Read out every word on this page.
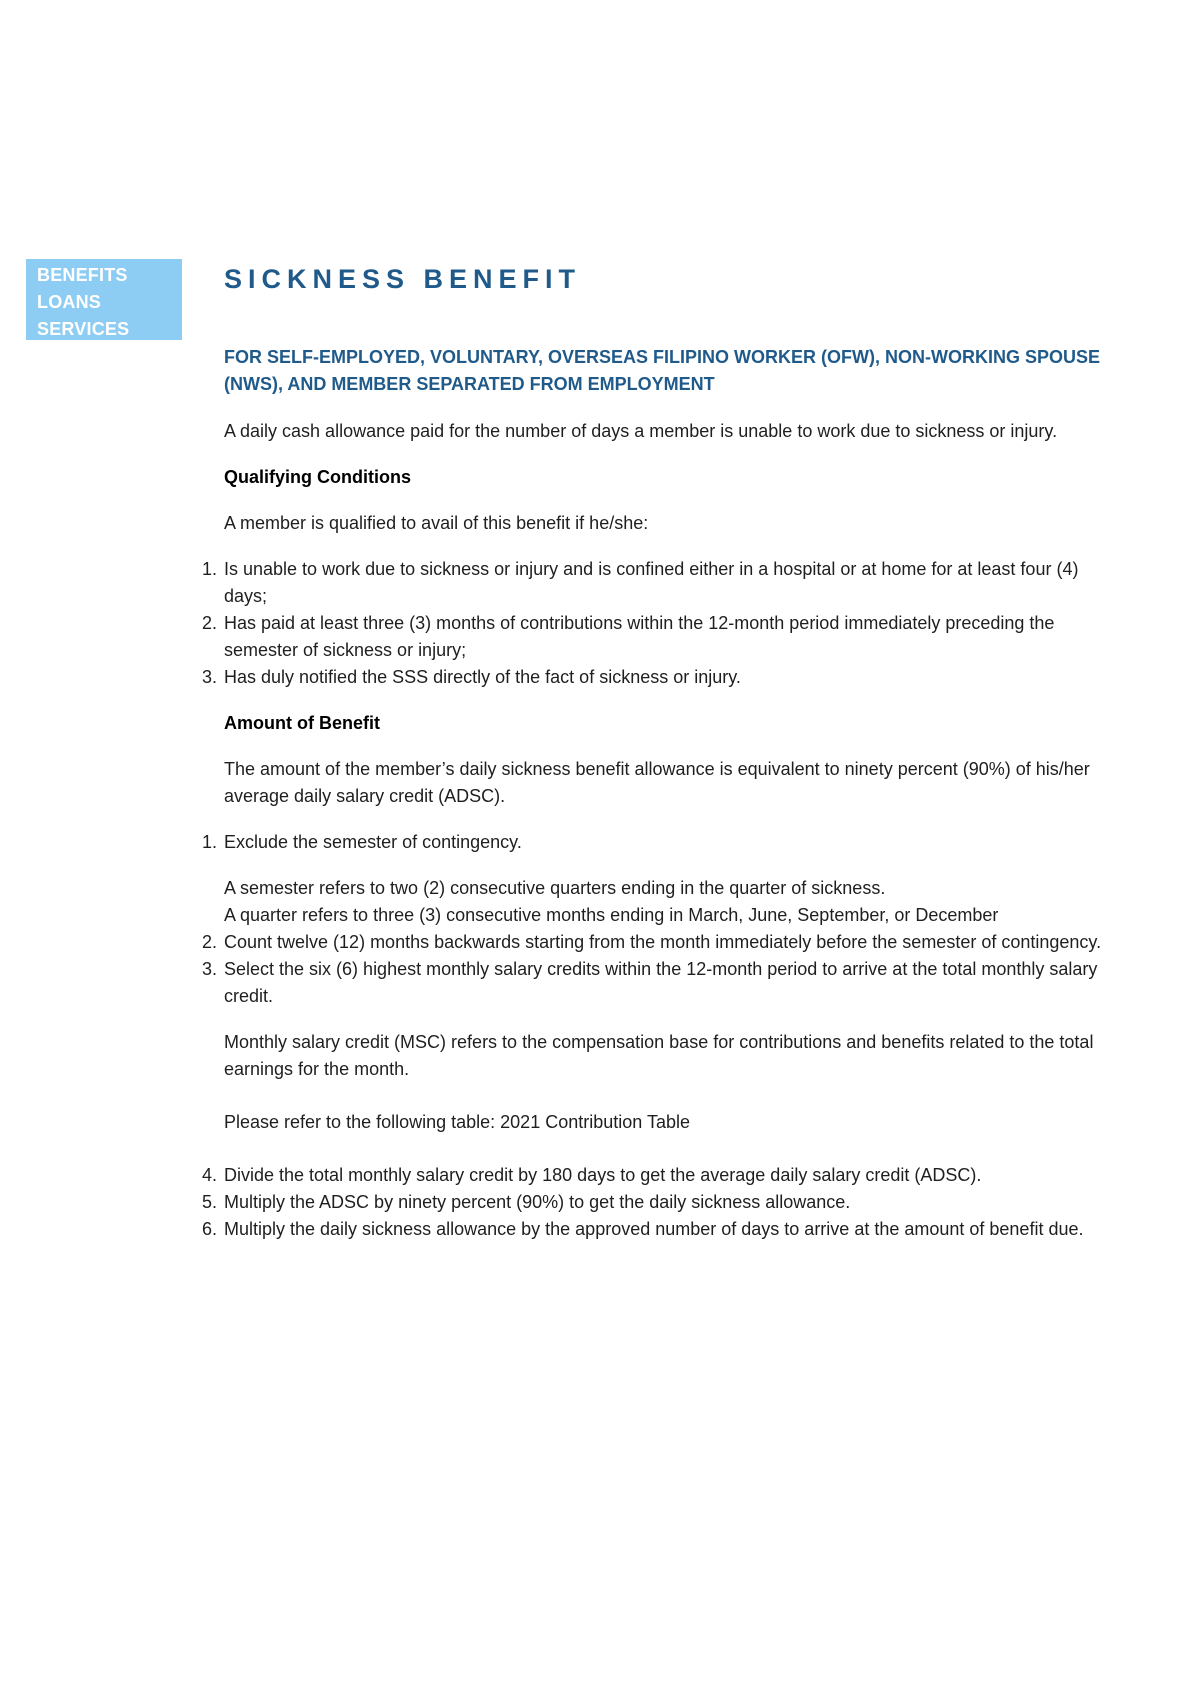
BENEFITS
LOANS
SERVICES
SICKNESS BENEFIT

FOR SELF-EMPLOYED, VOLUNTARY, OVERSEAS FILIPINO WORKER (OFW), NON-WORKING SPOUSE (NWS), AND MEMBER SEPARATED FROM EMPLOYMENT

A daily cash allowance paid for the number of days a member is unable to work due to sickness or injury.

Qualifying Conditions

A member is qualified to avail of this benefit if he/she:

1. Is unable to work due to sickness or injury and is confined either in a hospital or at home for at least four (4) days;
2. Has paid at least three (3) months of contributions within the 12-month period immediately preceding the semester of sickness or injury;
3. Has duly notified the SSS directly of the fact of sickness or injury.

Amount of Benefit

The amount of the member’s daily sickness benefit allowance is equivalent to ninety percent (90%) of his/her average daily salary credit (ADSC).

1. Exclude the semester of contingency.
A semester refers to two (2) consecutive quarters ending in the quarter of sickness.
A quarter refers to three (3) consecutive months ending in March, June, September, or December
2. Count twelve (12) months backwards starting from the month immediately before the semester of contingency.
3. Select the six (6) highest monthly salary credits within the 12-month period to arrive at the total monthly salary credit.
Monthly salary credit (MSC) refers to the compensation base for contributions and benefits related to the total earnings for the month.
Please refer to the following table: 2021 Contribution Table
4. Divide the total monthly salary credit by 180 days to get the average daily salary credit (ADSC).
5. Multiply the ADSC by ninety percent (90%) to get the daily sickness allowance.
6. Multiply the daily sickness allowance by the approved number of days to arrive at the amount of benefit due.
